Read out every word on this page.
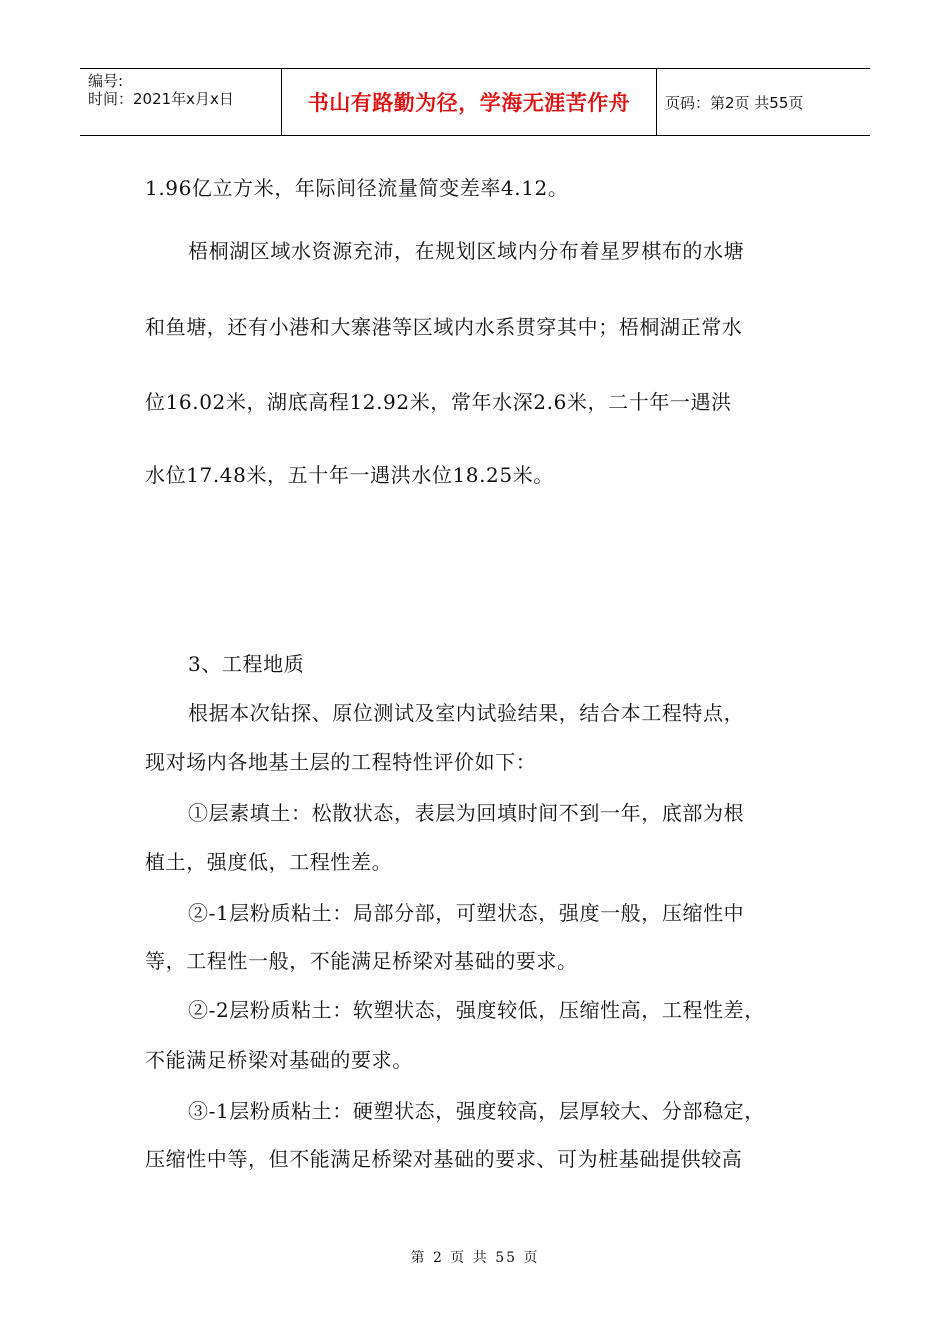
编号:
时间：2021年x月x日	书山有路勤为径，学海无涯苦作舟	页码：第2页 共55页
1.96亿立方米，年际间径流量简变差率4.12。
梧桐湖区域水资源充沛，在规划区域内分布着星罗棋布的水塘
和鱼塘，还有小港和大寨港等区域内水系贯穿其中；梧桐湖正常水
位16.02米，湖底高程12.92米，常年水深2.6米，二十年一遇洪
水位17.48米，五十年一遇洪水位18.25米。
3、工程地质
根据本次钻探、原位测试及室内试验结果，结合本工程特点，
现对场内各地基土层的工程特性评价如下：
①层素填土：松散状态，表层为回填时间不到一年，底部为根
植土，强度低，工程性差。
②-1层粉质粘土：局部分部，可塑状态，强度一般，压缩性中
等，工程性一般，不能满足桥梁对基础的要求。
②-2层粉质粘土：软塑状态，强度较低，压缩性高，工程性差，
不能满足桥梁对基础的要求。
③-1层粉质粘土：硬塑状态，强度较高，层厚较大、分部稳定，
压缩性中等，但不能满足桥梁对基础的要求、可为桩基础提供较高
第 2 页 共 55 页
